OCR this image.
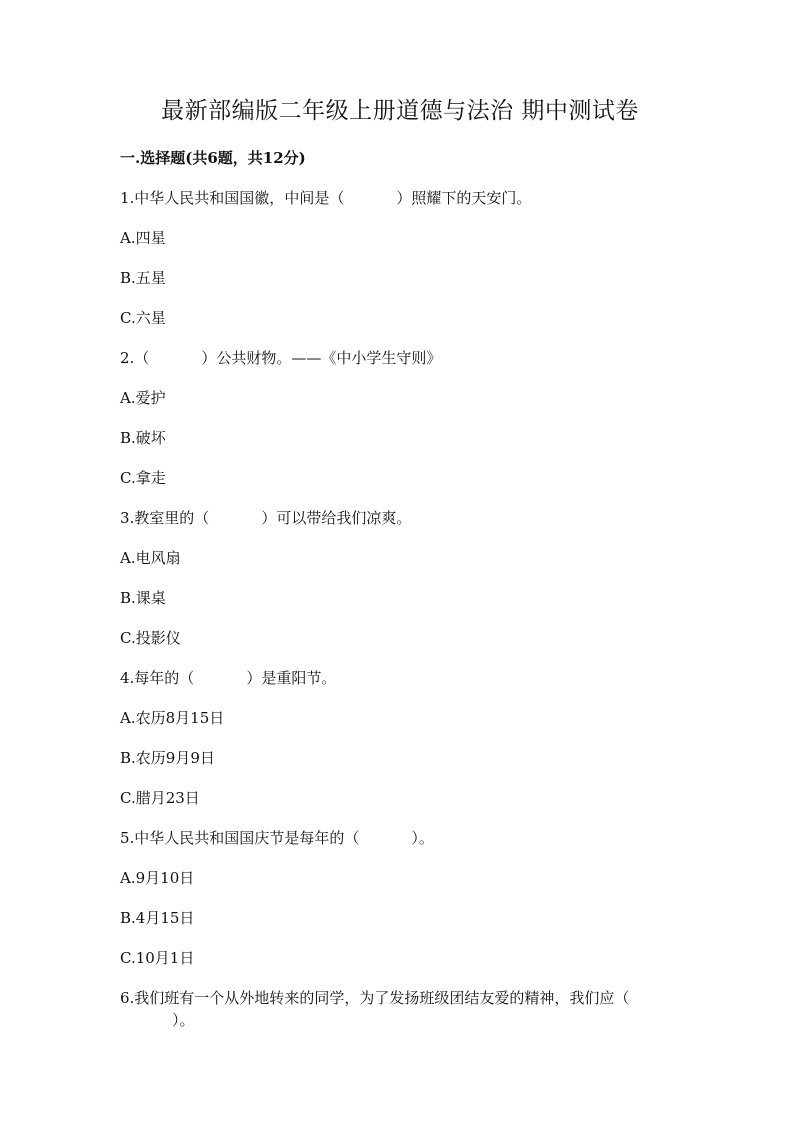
最新部编版二年级上册道德与法治 期中测试卷
一.选择题(共6题，共12分)
1.中华人民共和国国徽，中间是（	）照耀下的天安门。
A.四星
B.五星
C.六星
2.（	）公共财物。——《中小学生守则》
A.爱护
B.破坏
C.拿走
3.教室里的（	）可以带给我们凉爽。
A.电风扇
B.课桌
C.投影仪
4.每年的（	）是重阳节。
A.农历8月15日
B.农历9月9日
C.腊月23日
5.中华人民共和国国庆节是每年的（	）。
A.9月10日
B.4月15日
C.10月1日
6.我们班有一个从外地转来的同学，为了发扬班级团结友爱的精神，我们应（）。
